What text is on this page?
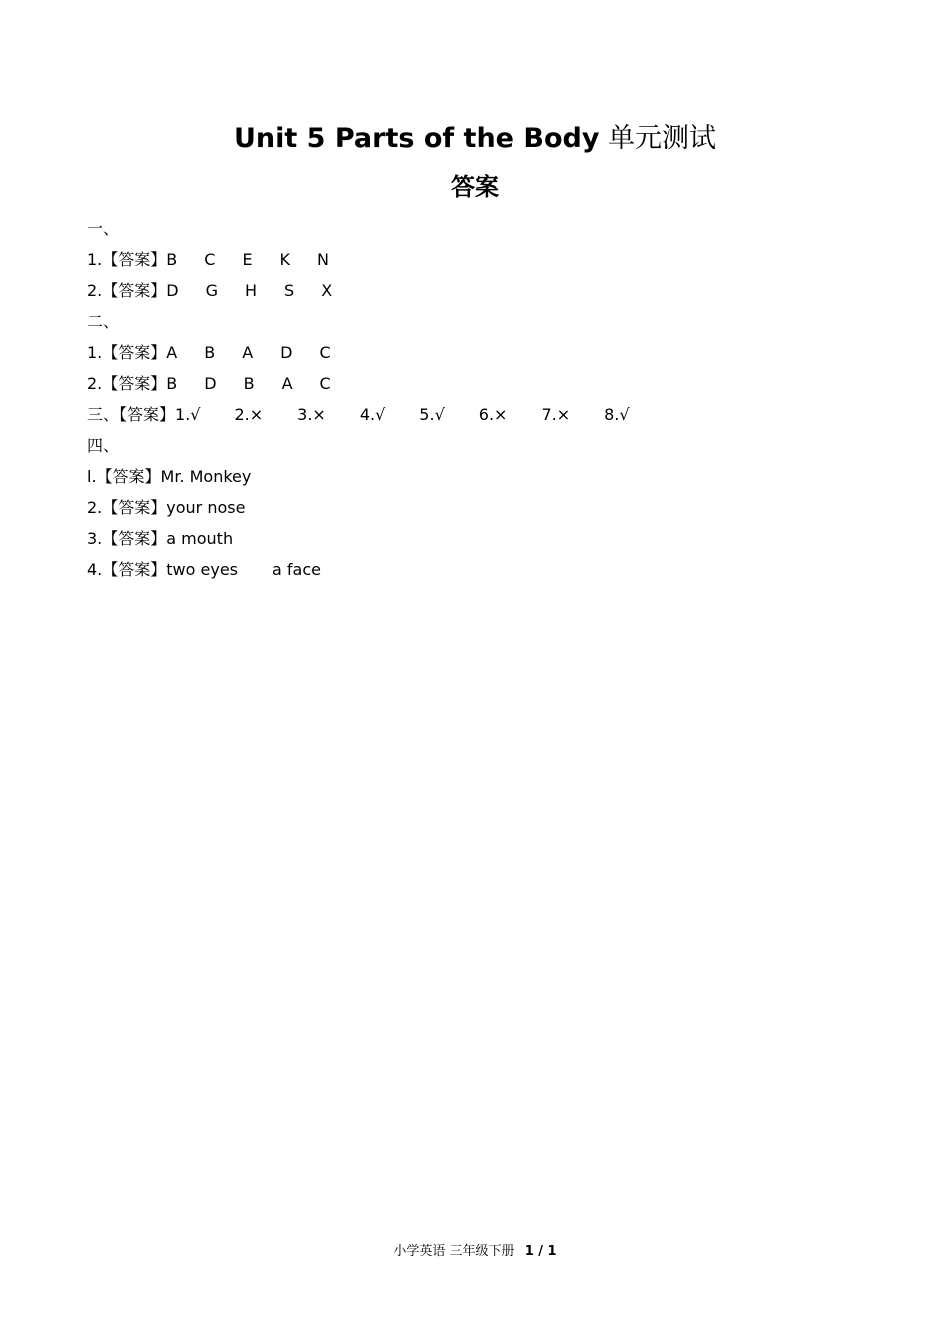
Unit 5 Parts of the Body 单元测试
答案
一、
1.【答案】 B C E K N
2.【答案】 D G H S X
二、
1.【答案】 A B A D C
2.【答案】 B D B A C
三、【答案】 1.√ 2.× 3.× 4.√ 5.√ 6.× 7.× 8.√
四、
l.【答案】Mr. Monkey
2.【答案】your nose
3.【答案】a mouth
4.【答案】 two eyes a face
小学英语 三年级下册 1 / 1
